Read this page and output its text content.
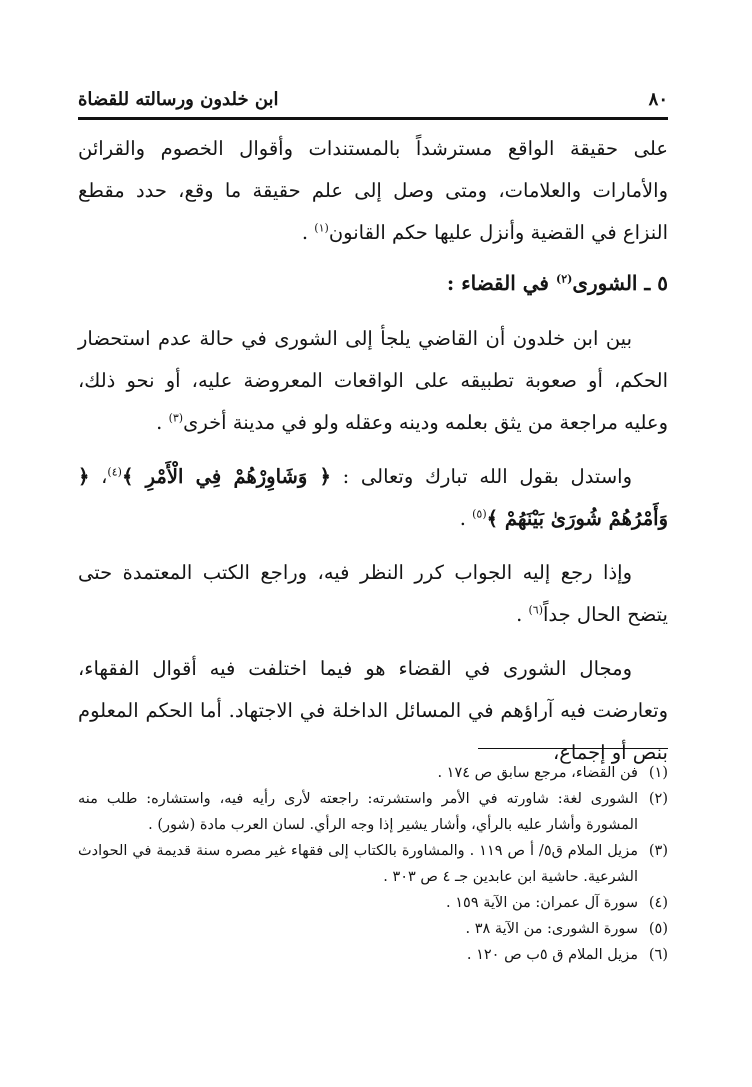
٨٠
ابن خلدون ورسالته للقضاة

على حقيقة الواقع مسترشداً بالمستندات وأقوال الخصوم والقرائن والأمارات والعلامات، ومتى وصل إلى علم حقيقة ما وقع، حدد مقطع النزاع في القضية وأنزل عليها حكم القانون$^{(١)}$ .

٥ ـ الشورى$^{(٢)}$ في القضاء :

بين ابن خلدون أن القاضي يلجأ إلى الشورى في حالة عدم استحضار الحكم، أو صعوبة تطبيقه على الواقعات المعروضة عليه، أو نحو ذلك، وعليه مراجعة من يثق بعلمه ودينه وعقله ولو في مدينة أخرى$^{(٣)}$ .

واستدل بقول الله تبارك وتعالى : ﴿ وَشَاوِرْهُمْ فِي الْأَمْرِ ﴾$^{(٤)}$، ﴿ وَأَمْرُهُمْ شُورَىٰ بَيْنَهُمْ ﴾$^{(٥)}$ .

وإذا رجع إليه الجواب كرر النظر فيه، وراجع الكتب المعتمدة حتى يتضح الحال جداً$^{(٦)}$ .

ومجال الشورى في القضاء هو فيما اختلفت فيه أقوال الفقهاء، وتعارضت فيه آراؤهم في المسائل الداخلة في الاجتهاد. أما الحكم المعلوم بنص أو إجماع،

(١)فن القضاء، مرجع سابق ص ١٧٤ .
(٢)الشورى لغة: شاورته في الأمر واستشرته: راجعته لأرى رأيه فيه، واستشاره: طلب منه المشورة وأشار عليه بالرأي، وأشار يشير إذا وجه الرأي. لسان العرب مادة (شور) .
(٣)مزيل الملام ق٥/ أ ص ١١٩ . والمشاورة بالكتاب إلى فقهاء غير مصره سنة قديمة في الحوادث الشرعية. حاشية ابن عابدين جـ ٤ ص ٣٠٣ .
(٤)سورة آل عمران: من الآية ١٥٩ .
(٥)سورة الشورى: من الآية ٣٨ .
(٦)مزيل الملام ق ٥ب ص ١٢٠ .
